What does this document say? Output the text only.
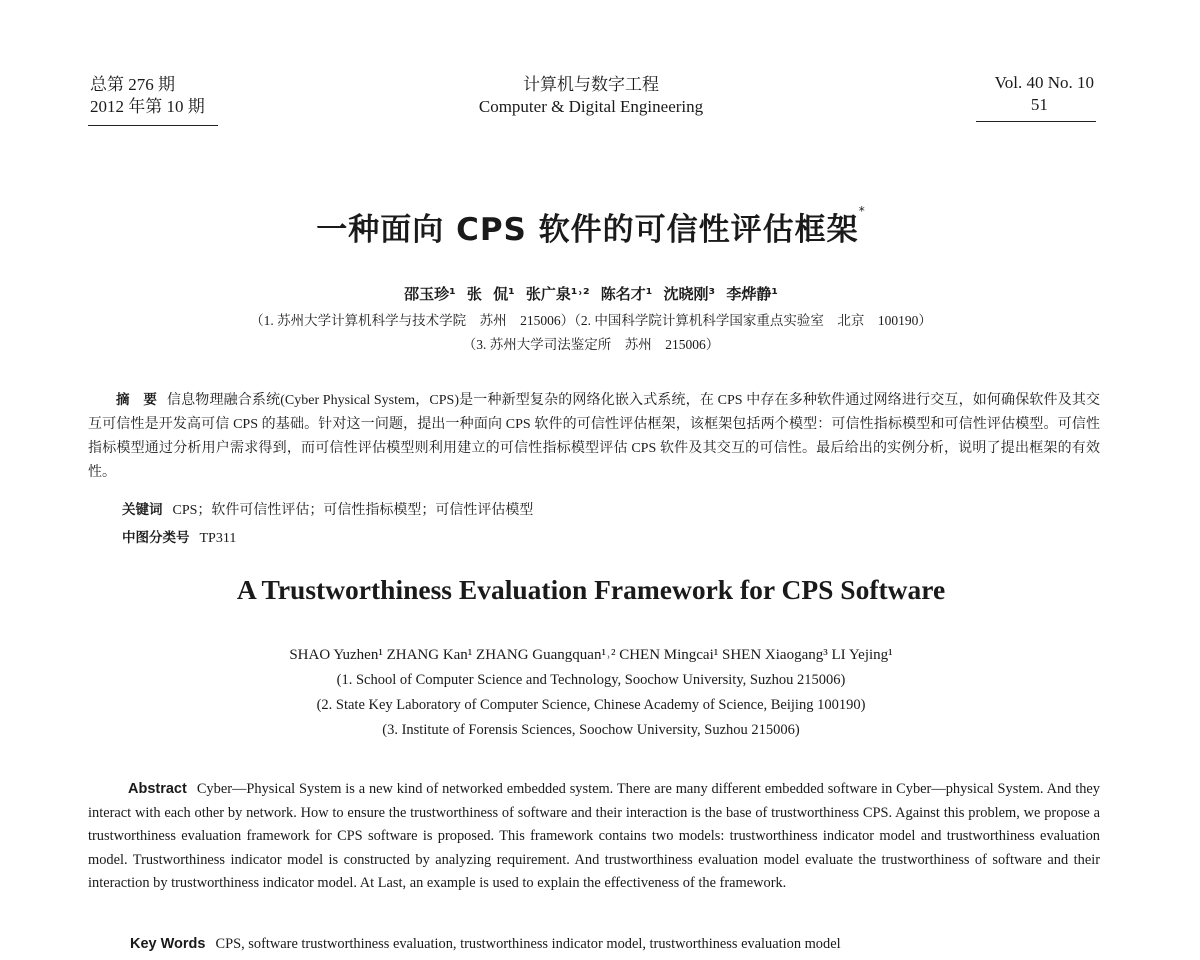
总第 276 期
2012 年第 10 期
计算机与数字工程
Computer & Digital Engineering
Vol. 40 No. 10
51
一种面向 CPS 软件的可信性评估框架*
邵玉珍¹ 张 侃¹ 张广泉¹˒² 陈名才¹ 沈晓刚³ 李烨静¹
（1. 苏州大学计算机科学与技术学院　苏州　215006）（2. 中国科学院计算机科学国家重点实验室　北京　100190）
（3. 苏州大学司法鉴定所　苏州　215006）
摘　要 信息物理融合系统(Cyber Physical System，CPS)是一种新型复杂的网络化嵌入式系统，在 CPS 中存在多种软件通过网络进行交互，如何确保软件及其交互可信性是开发高可信 CPS 的基础。针对这一问题，提出一种面向 CPS 软件的可信性评估框架，该框架包括两个模型：可信性指标模型和可信性评估模型。可信性指标模型通过分析用户需求得到，而可信性评估模型则利用建立的可信性指标模型评估 CPS 软件及其交互的可信性。最后给出的实例分析，说明了提出框架的有效性。
关键词 CPS；软件可信性评估；可信性指标模型；可信性评估模型
中图分类号 TP311
A Trustworthiness Evaluation Framework for CPS Software
SHAO Yuzhen¹ ZHANG Kan¹ ZHANG Guangquan¹˒² CHEN Mingcai¹ SHEN Xiaogang³ LI Yejing¹
(1. School of Computer Science and Technology, Soochow University, Suzhou 215006)
(2. State Key Laboratory of Computer Science, Chinese Academy of Science, Beijing 100190)
(3. Institute of Forensis Sciences, Soochow University, Suzhou 215006)
Abstract Cyber—Physical System is a new kind of networked embedded system. There are many different embedded software in Cyber—physical System. And they interact with each other by network. How to ensure the trustworthiness of software and their interaction is the base of trustworthiness CPS. Against this problem, we propose a trustworthiness evaluation framework for CPS software is proposed. This framework contains two models: trustworthiness indicator model and trustworthiness evaluation model. Trustworthiness indicator model is constructed by analyzing requirement. And trustworthiness evaluation model evaluate the trustworthiness of software and their interaction by trustworthiness indicator model. At Last, an example is used to explain the effectiveness of the framework.
Key Words CPS, software trustworthiness evaluation, trustworthiness indicator model, trustworthiness evaluation model
